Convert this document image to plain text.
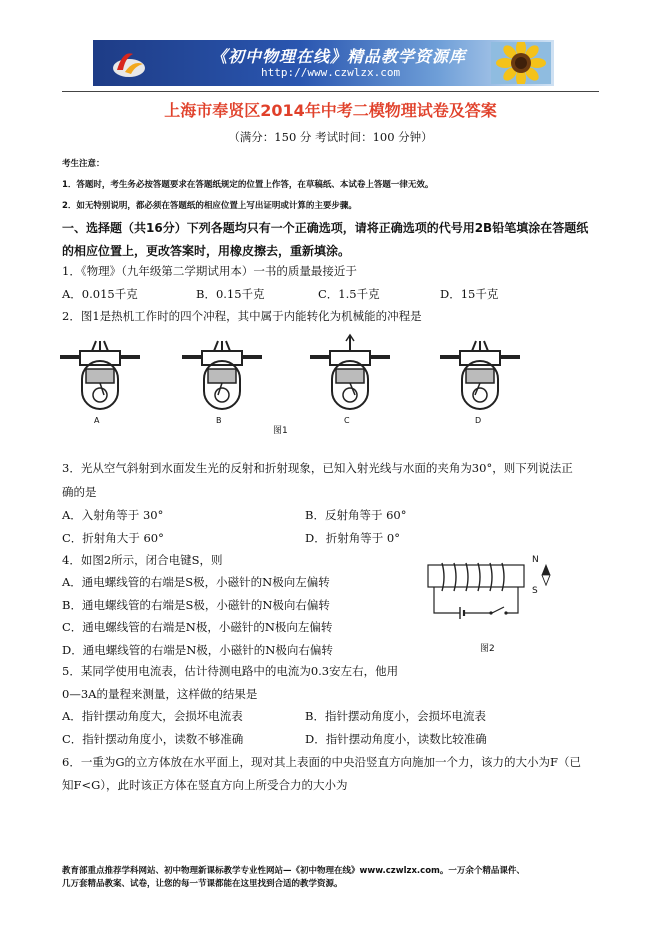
《初中物理在线》精品教学资源库
http://www.czwlzx.com
上海市奉贤区2014年中考二模物理试卷及答案
（满分：150 分 考试时间：100 分钟）
考生注意：
1．答题时，考生务必按答题要求在答题纸规定的位置上作答，在草稿纸、本试卷上答题一律无效。
2．如无特别说明，都必须在答题纸的相应位置上写出证明或计算的主要步骤。
一、选择题（共16分）下列各题均只有一个正确选项，请将正确选项的代号用2B铅笔填涂在答题纸
的相应位置上，更改答案时，用橡皮擦去，重新填涂。
1．《物理》（九年级第二学期试用本）一书的质量最接近于
A．0.015千克	B．0.15千克	C．1.5千克	D．15千克
2．图1是热机工作时的四个冲程，其中属于内能转化为机械能的冲程是
A	B	C	D
图1
3．光从空气斜射到水面发生光的反射和折射现象，已知入射光线与水面的夹角为30°，则下列说法正
确的是
A．入射角等于 30°	B．反射角等于 60°
C．折射角大于 60°	D．折射角等于 0°
4．如图2所示，闭合电键S，则
A．通电螺线管的右端是S极，小磁针的N极向左偏转
B．通电螺线管的右端是S极，小磁针的N极向右偏转
C．通电螺线管的右端是N极，小磁针的N极向左偏转
D．通电螺线管的右端是N极，小磁针的N极向右偏转
N
S
图2
5．某同学使用电流表，估计待测电路中的电流为0.3安左右，他用
0—3A的量程来测量，这样做的结果是
A．指针摆动角度大，会损坏电流表	B．指针摆动角度小，会损坏电流表
C．指针摆动角度小，读数不够准确	D．指针摆动角度小，读数比较准确
6．一重为G的立方体放在水平面上，现对其上表面的中央沿竖直方向施加一个力，该力的大小为F（已
知F<G），此时该正方体在竖直方向上所受合力的大小为
教育部重点推荐学科网站、初中物理新课标教学专业性网站—《初中物理在线》www.czwlzx.com。一万余个精品课件、
几万套精品教案、试卷，让您的每一节课都能在这里找到合适的教学资源。
